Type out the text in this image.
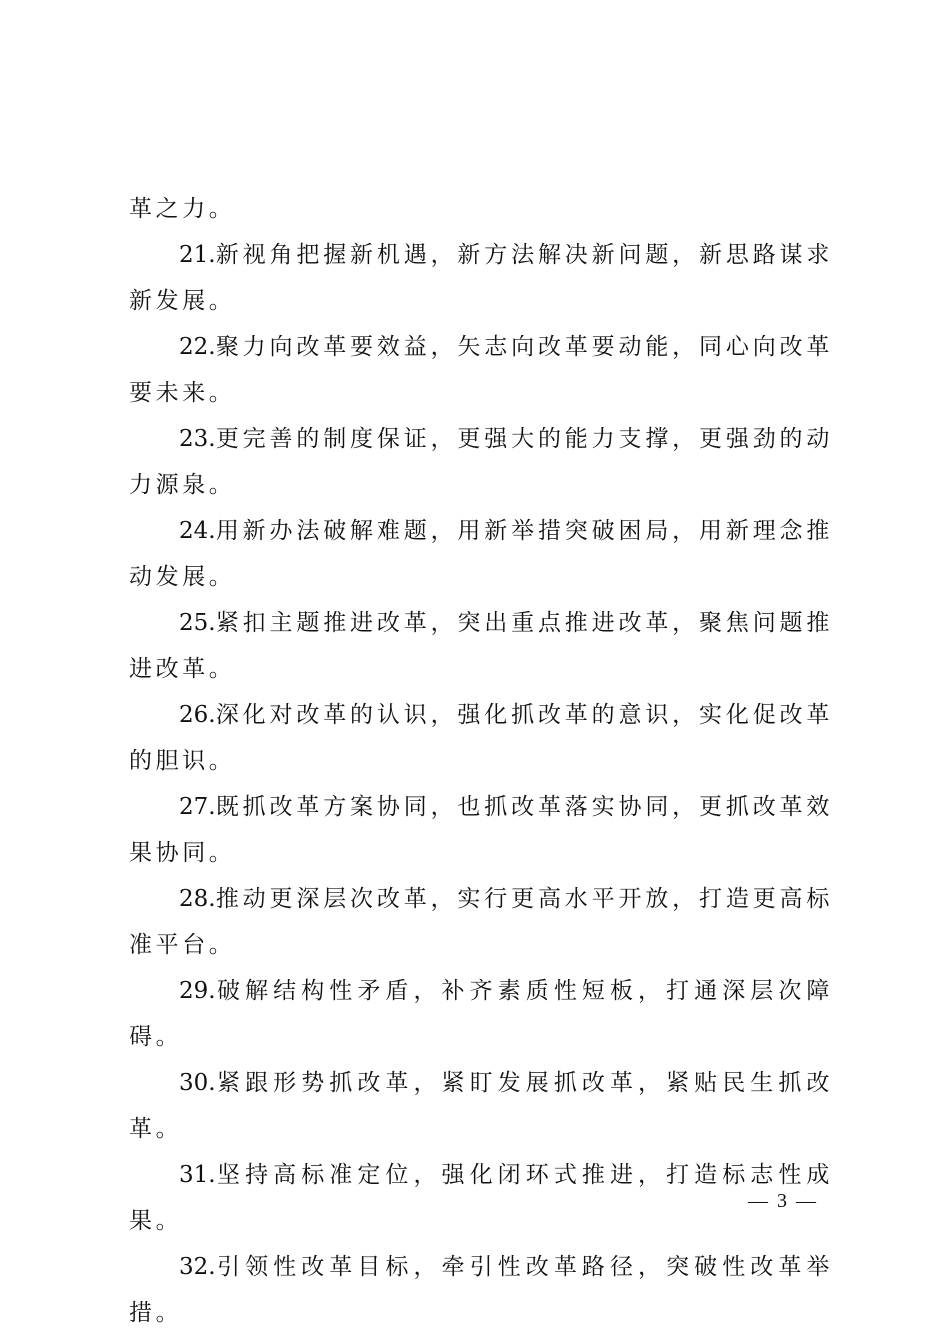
革之力。

21.新视角把握新机遇，新方法解决新问题，新思路谋求新发展。

22.聚力向改革要效益，矢志向改革要动能，同心向改革要未来。

23.更完善的制度保证，更强大的能力支撑，更强劲的动力源泉。

24.用新办法破解难题，用新举措突破困局，用新理念推动发展。

25.紧扣主题推进改革，突出重点推进改革，聚焦问题推进改革。

26.深化对改革的认识，强化抓改革的意识，实化促改革的胆识。

27.既抓改革方案协同，也抓改革落实协同，更抓改革效果协同。

28.推动更深层次改革，实行更高水平开放，打造更高标准平台。

29.破解结构性矛盾，补齐素质性短板，打通深层次障碍。

30.紧跟形势抓改革，紧盯发展抓改革，紧贴民生抓改革。

31.坚持高标准定位，强化闭环式推进，打造标志性成果。

32.引领性改革目标，牵引性改革路径，突破性改革举措。

— 3 —
